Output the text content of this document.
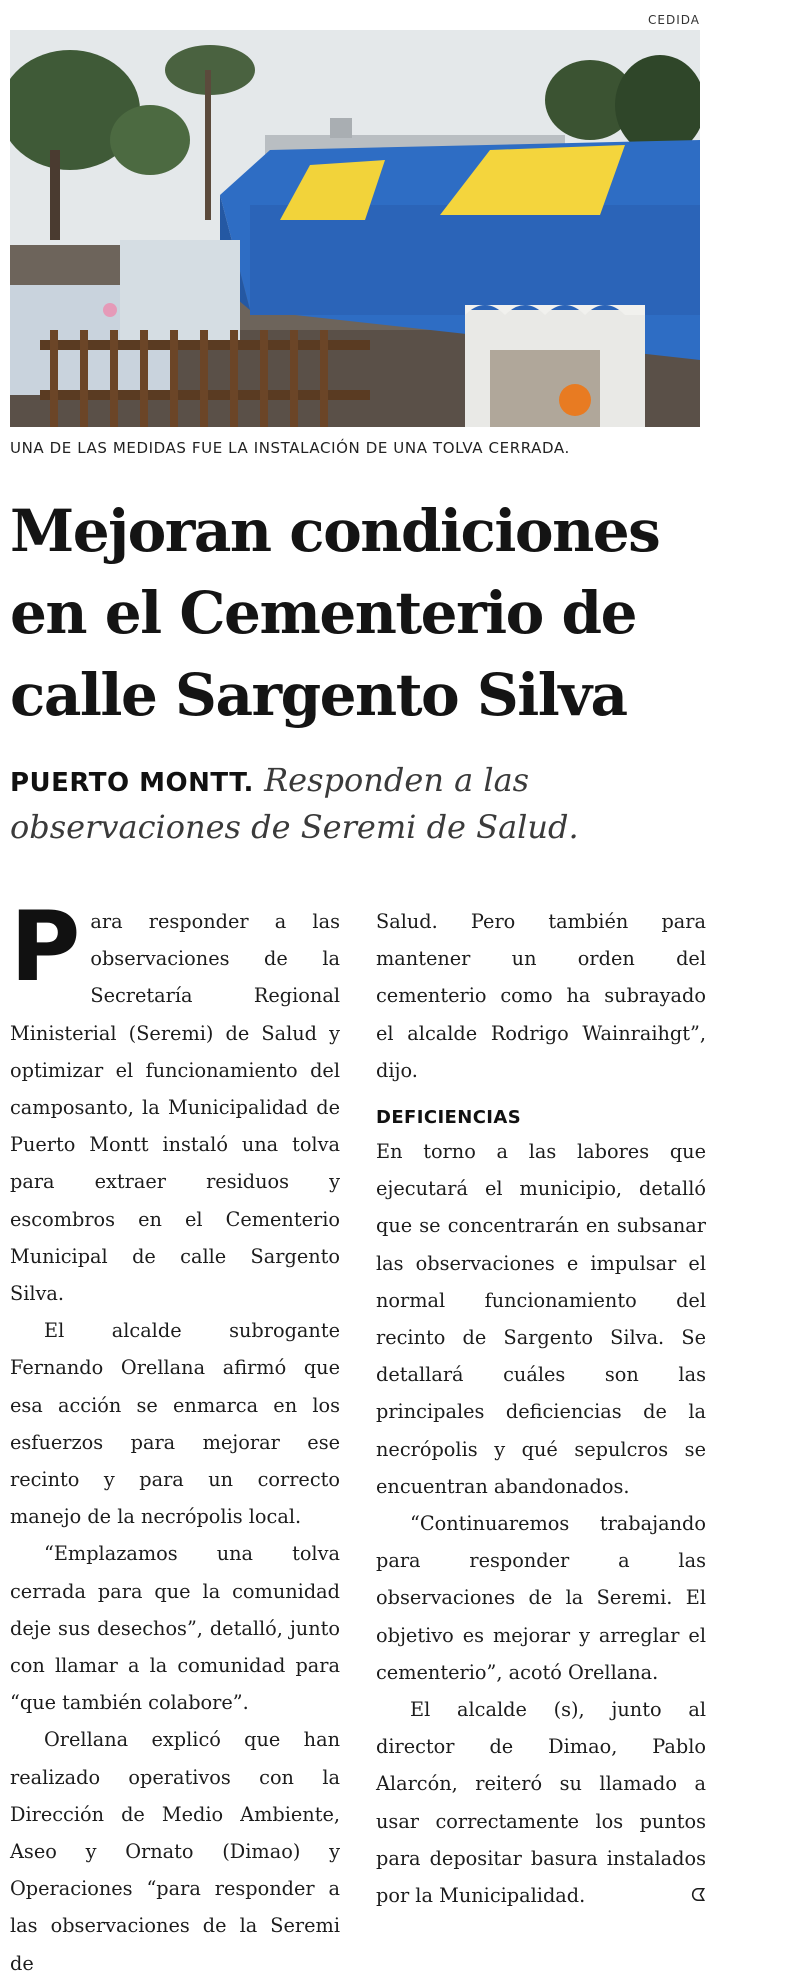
CEDIDA
UNA DE LAS MEDIDAS FUE LA INSTALACIÓN DE UNA TOLVA CERRADA.
Mejoran condiciones
en el Cementerio de
calle Sargento Silva
PUERTO MONTT. Responden a las observaciones de Seremi de Salud.

Para responder a las observaciones de la Secretaría Regional Ministerial (Seremi) de Salud y optimizar el funcionamiento del camposanto, la Municipalidad de Puerto Montt instaló una tolva para extraer residuos y escombros en el Cementerio Municipal de calle Sargento Silva.

El alcalde subrogante Fernando Orellana afirmó que esa acción se enmarca en los esfuerzos para mejorar ese recinto y para un correcto manejo de la necrópolis local.

“Emplazamos una tolva cerrada para que la comunidad deje sus desechos”, detalló, junto con llamar a la comunidad para “que también colabore”.

Orellana explicó que han realizado operativos con la Dirección de Medio Ambiente, Aseo y Ornato (Dimao) y Operaciones “para responder a las observaciones de la Seremi de

Salud. Pero también para mantener un orden del cementerio como ha subrayado el alcalde Rodrigo Wainraihgt”, dijo.

DEFICIENCIAS

En torno a las labores que ejecutará el municipio, detalló que se concentrarán en subsanar las observaciones e impulsar el normal funcionamiento del recinto de Sargento Silva. Se detallará cuáles son las principales deficiencias de la necrópolis y qué sepulcros se encuentran abandonados.

“Continuaremos trabajando para responder a las observaciones de la Seremi. El objetivo es mejorar y arreglar el cementerio”, acotó Orellana.

El alcalde (s), junto al director de Dimao, Pablo Alarcón, reiteró su llamado a usar correctamente los puntos para depositar basura instalados por la Municipalidad.	ᗧ
